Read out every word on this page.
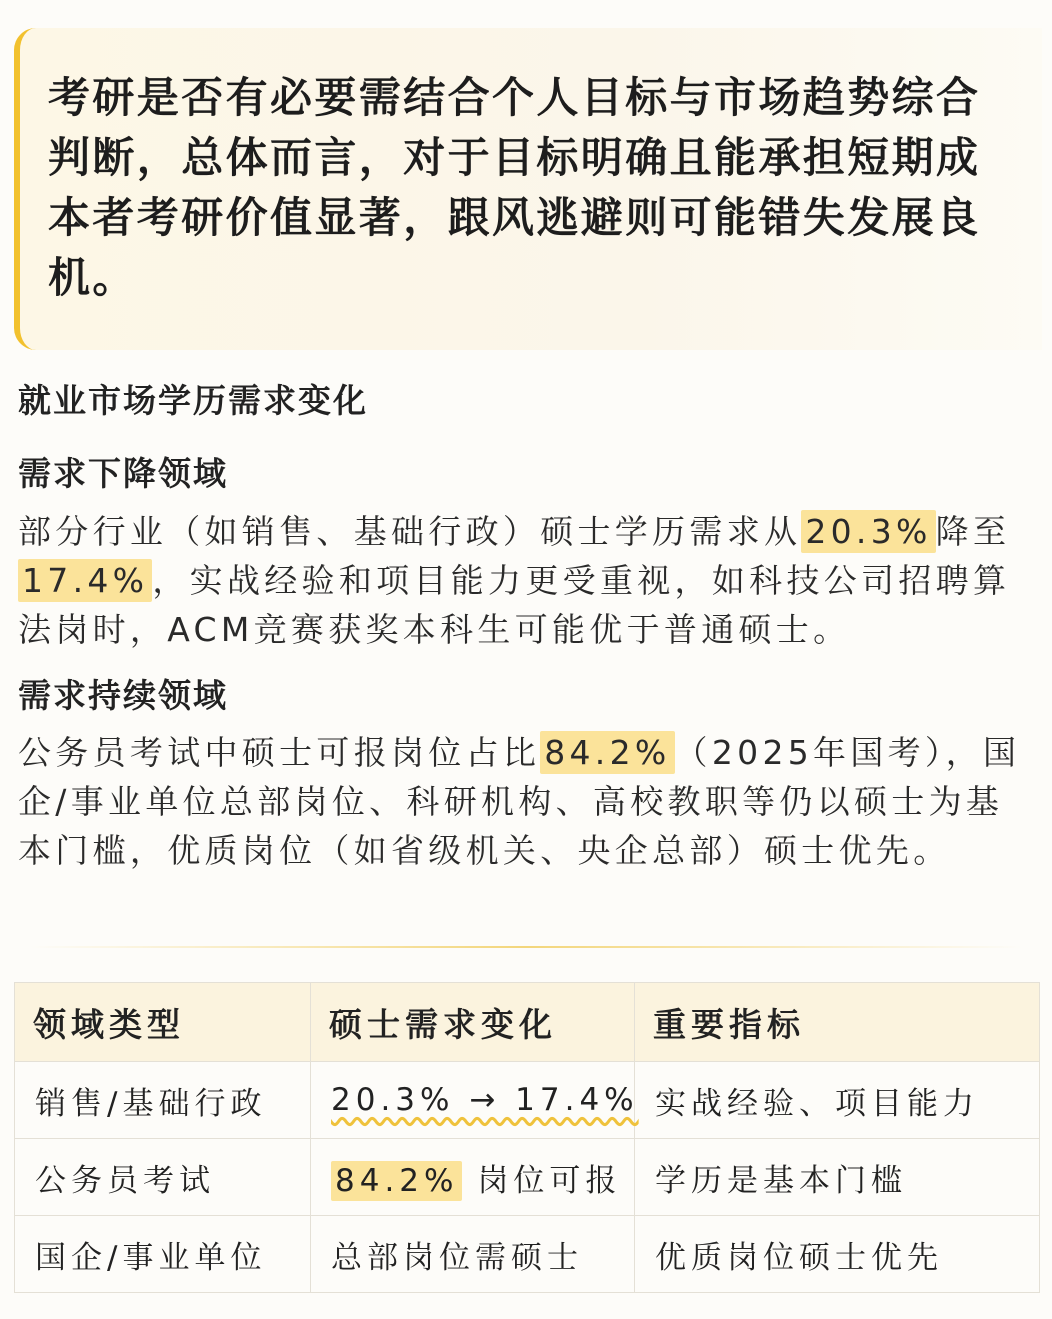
考研是否有必要需结合个人目标与市场趋势综合判断，总体而言，对于目标明确且能承担短期成本者考研价值显著，跟风逃避则可能错失发展良机。

就业市场学历需求变化
需求下降领域

部分行业（如销售、基础行政）硕士学历需求从 20.3% 降至17.4% ，实战经验和项目能力更受重视，如科技公司招聘算法岗时，ACM竞赛获奖本科生可能优于普通硕士。

需求持续领域

公务员考试中硕士可报岗位占比 84.2% （2025年国考），国企/事业单位总部岗位、科研机构、高校教职等仍以硕士为基本门槛，优质岗位（如省级机关、央企总部）硕士优先。

领域类型	硕士需求变化	重要指标
销售/基础行政	20.3% → 17.4%	实战经验、项目能力
公务员考试	84.2% 岗位可报	学历是基本门槛
国企/事业单位	总部岗位需硕士	优质岗位硕士优先
